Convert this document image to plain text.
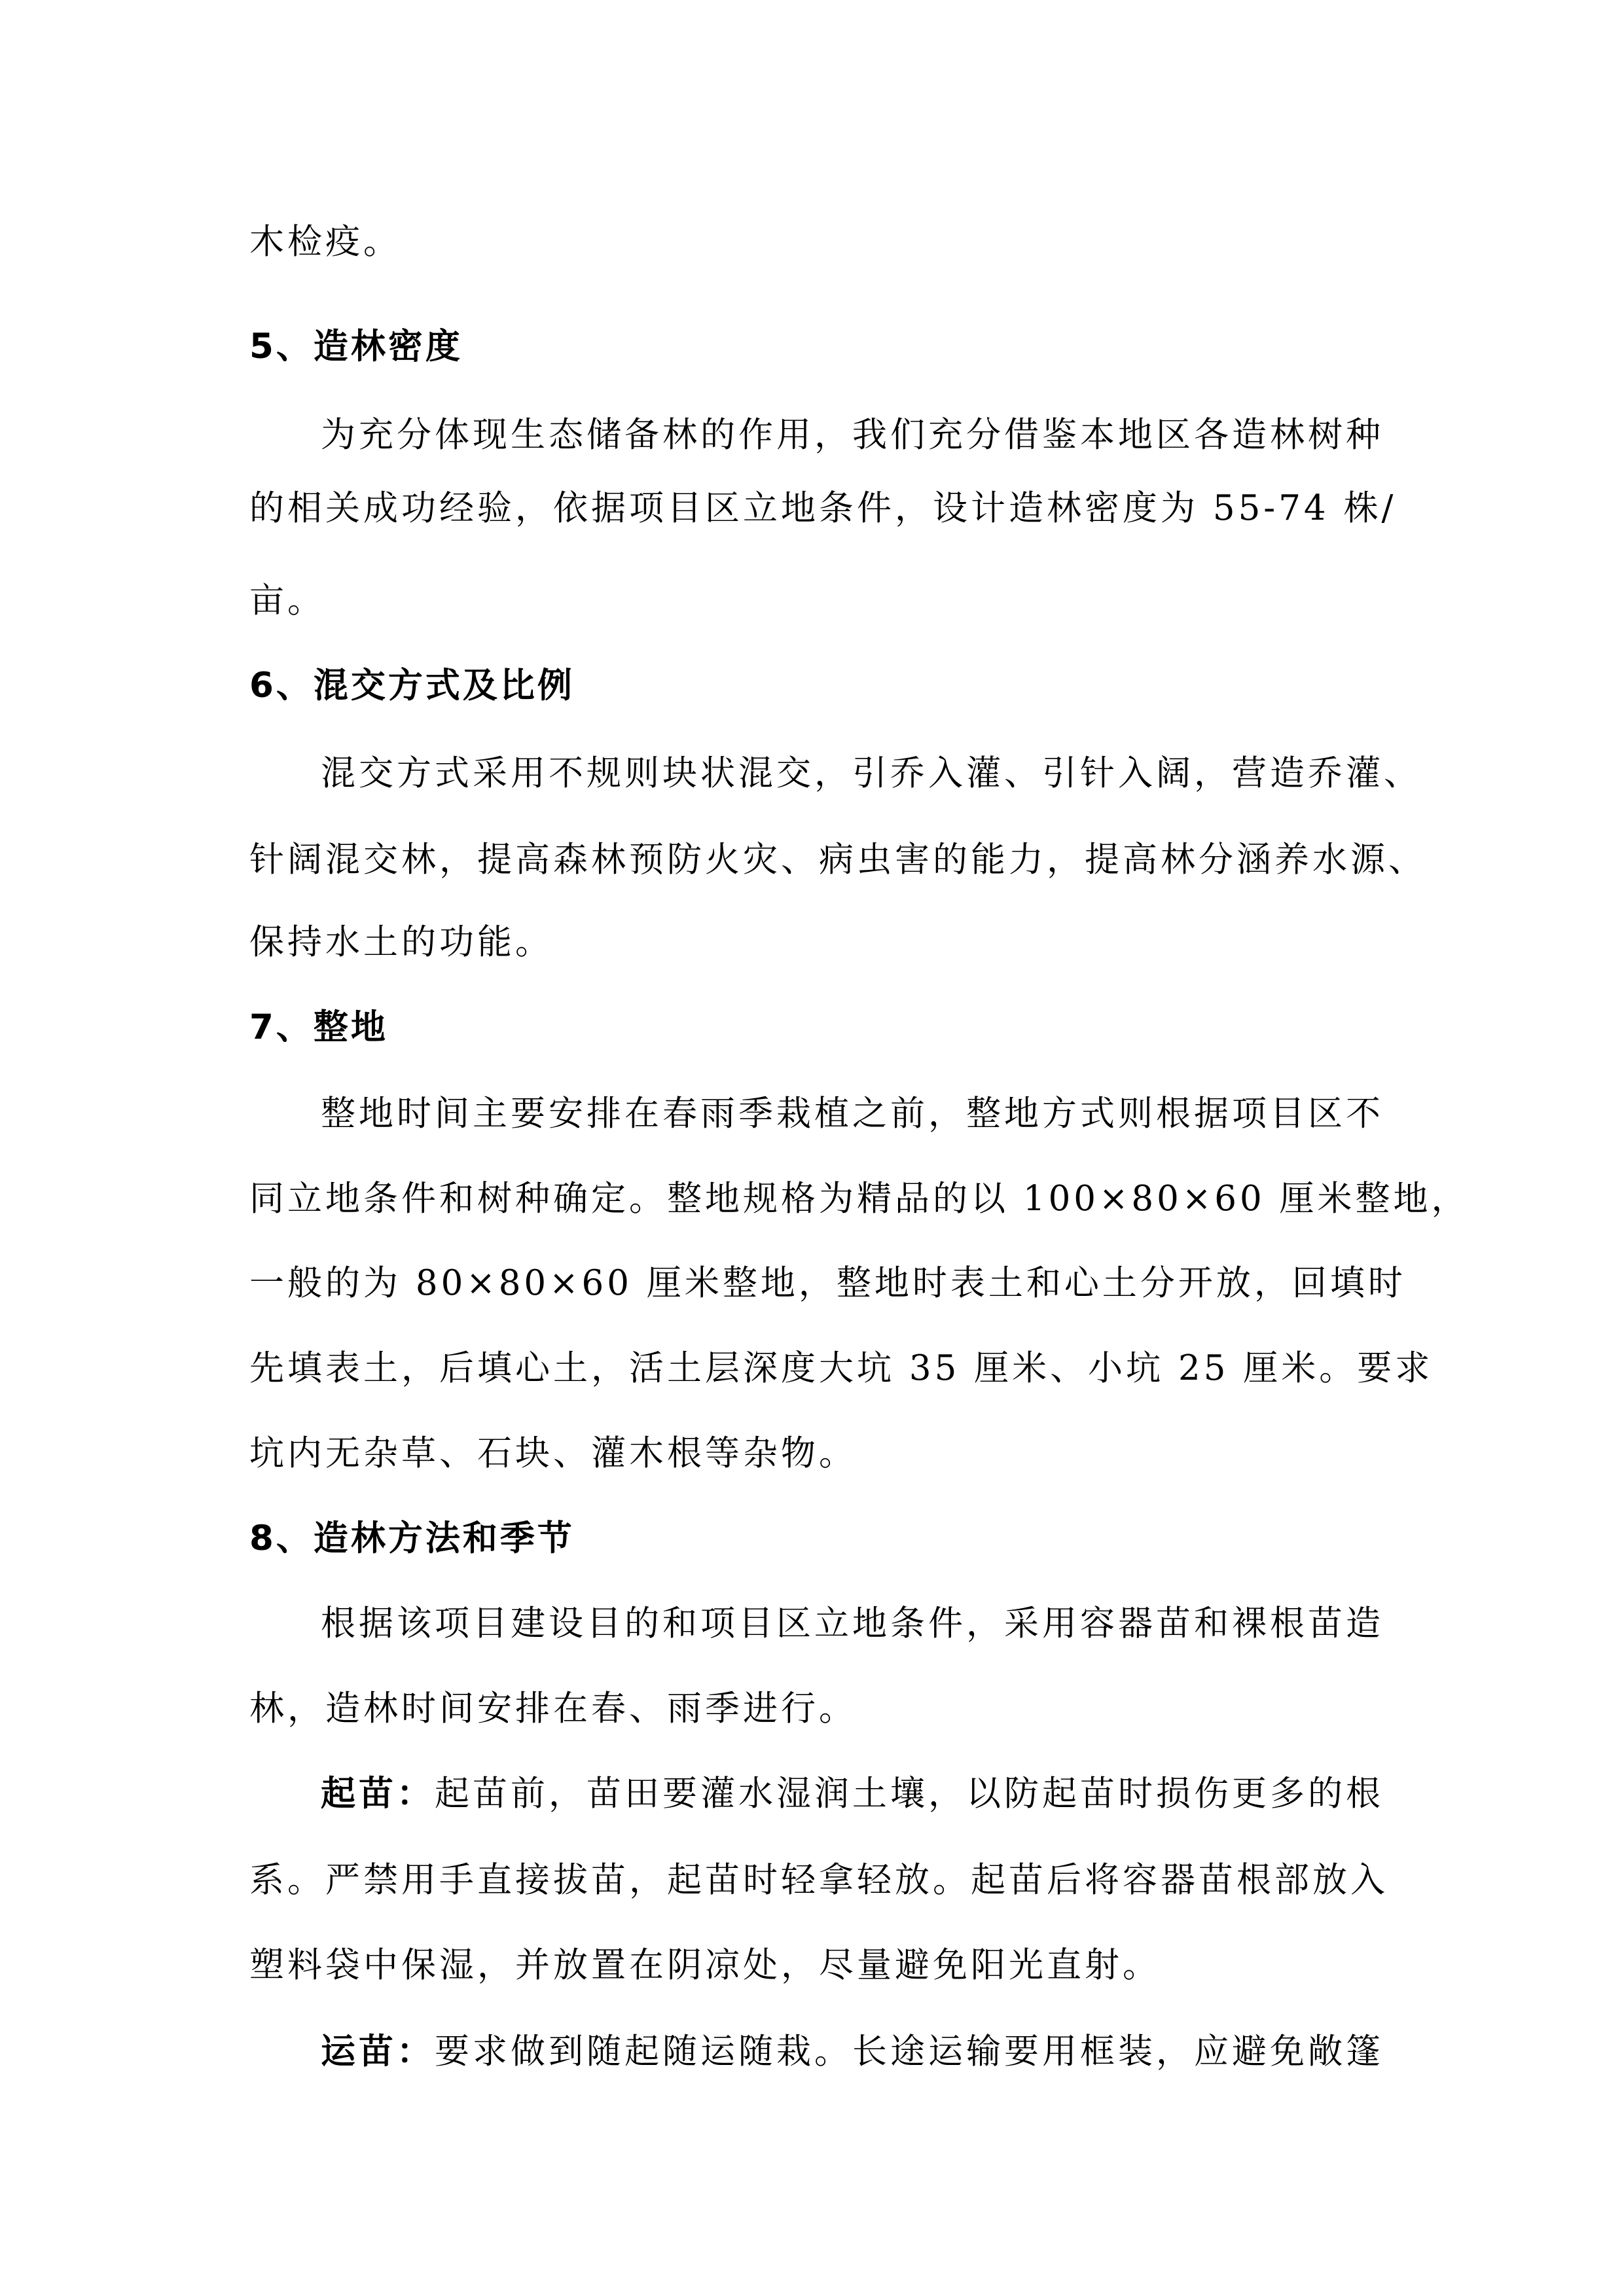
木检疫。
5、造林密度
为充分体现生态储备林的作用，我们充分借鉴本地区各造林树种
的相关成功经验，依据项目区立地条件，设计造林密度为 55-74 株/
亩。
6、混交方式及比例
混交方式采用不规则块状混交，引乔入灌、引针入阔，营造乔灌、
针阔混交林，提高森林预防火灾、病虫害的能力，提高林分涵养水源、
保持水土的功能。
7、整地
整地时间主要安排在春雨季栽植之前，整地方式则根据项目区不
同立地条件和树种确定。整地规格为精品的以 100×80×60 厘米整地，
一般的为 80×80×60 厘米整地，整地时表土和心土分开放，回填时
先填表土，后填心土，活土层深度大坑 35 厘米、小坑 25 厘米。要求
坑内无杂草、石块、灌木根等杂物。
8、造林方法和季节
根据该项目建设目的和项目区立地条件，采用容器苗和裸根苗造
林，造林时间安排在春、雨季进行。
起苗：起苗前，苗田要灌水湿润土壤，以防起苗时损伤更多的根
系。严禁用手直接拔苗，起苗时轻拿轻放。起苗后将容器苗根部放入
塑料袋中保湿，并放置在阴凉处，尽量避免阳光直射。
运苗：要求做到随起随运随栽。长途运输要用框装，应避免敞篷
